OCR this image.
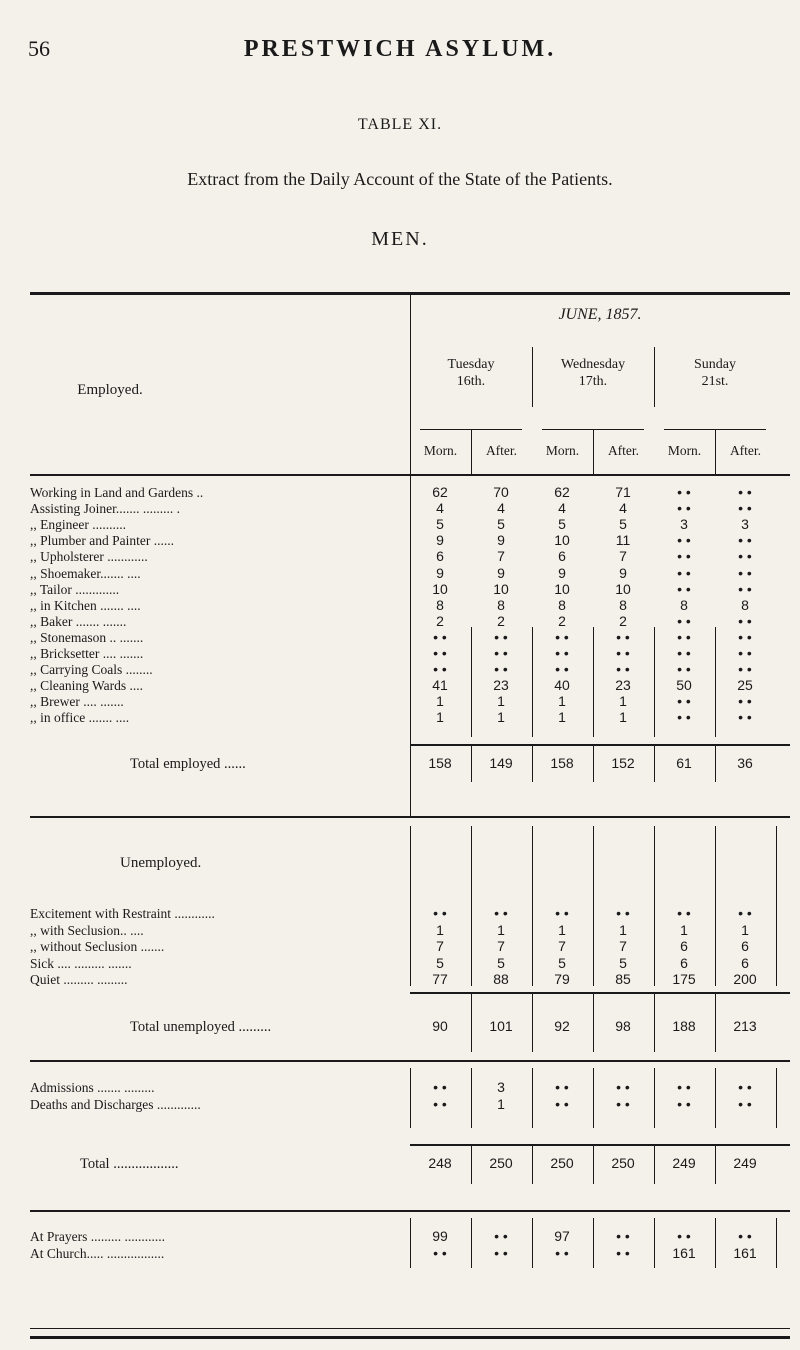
56	PRESTWICH ASYLUM.
TABLE XI.
Extract from the Daily Account of the State of the Patients.
MEN.
Employed.
JUNE, 1857.
Tuesday
16th.
Wednesday
17th.
Sunday
21st.
Morn.	After.	Morn.	After.	Morn.	After.
Working in Land and Gardens ..	62	70	62	71	• •	• •
Assisting Joiner....... ......... .	4	4	4	4	• •	• •
,, Engineer ..........	5	5	5	5	3	3
,, Plumber and Painter ......	9	9	10	11	• •	• •
,, Upholsterer ............	6	7	6	7	• •	• •
,, Shoemaker....... ....	9	9	9	9	• •	• •
,, Tailor .............	10	10	10	10	• •	• •
,, in Kitchen ....... ....	8	8	8	8	8	8
,, Baker ....... .......	2	2	2	2	• •	• •
,, Stonemason .. .......	• •	• •	• •	• •	• •	• •
,, Bricksetter .... .......	• •	• •	• •	• •	• •	• •
,, Carrying Coals ........	• •	• •	• •	• •	• •	• •
,, Cleaning Wards ....	41	23	40	23	50	25
,, Brewer .... .......	1	1	1	1	• •	• •
,, in office ....... ....	1	1	1	1	• •	• •
Total employed ......	158	149	158	152	61	36
Unemployed.
Excitement with Restraint ............	• •	• •	• •	• •	• •	• •
,, with Seclusion.. ....	1	1	1	1	1	1
,, without Seclusion .......	7	7	7	7	6	6
Sick .... ......... .......	5	5	5	5	6	6
Quiet ......... .........	77	88	79	85	175	200
Total unemployed .........	90	101	92	98	188	213
Admissions ....... .........	• •	3	• •	• •	• •	• •
Deaths and Discharges .............	• •	1	• •	• •	• •	• •
Total ..................	248	250	250	250	249	249
At Prayers ......... ............	99	• •	97	• •	• •	• •
At Church..... .................	• •	• •	• •	• •	161	161
